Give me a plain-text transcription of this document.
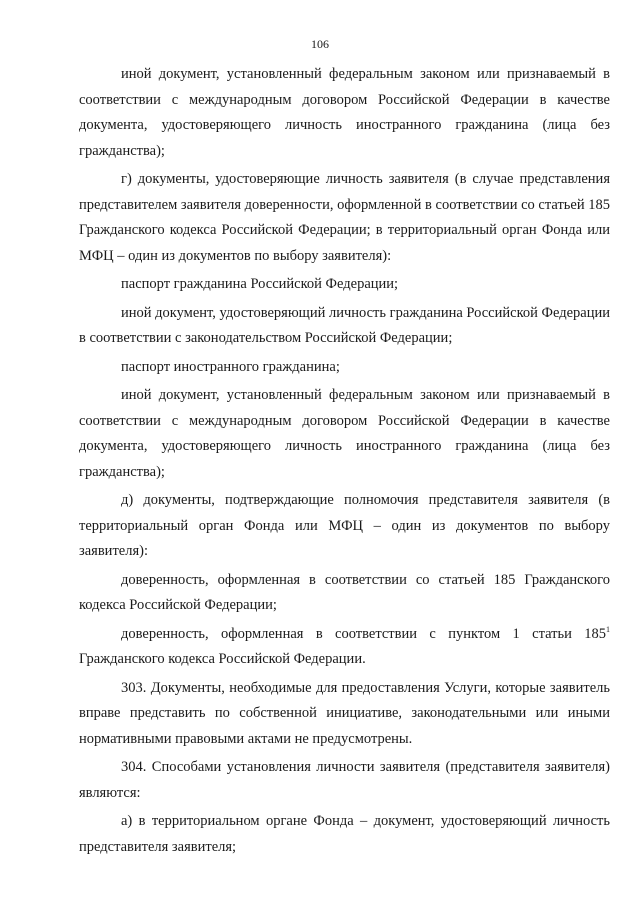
106

иной документ, установленный федеральным законом или признаваемый в соответствии с международным договором Российской Федерации в качестве документа, удостоверяющего личность иностранного гражданина (лица без гражданства);

г) документы, удостоверяющие личность заявителя (в случае представления представителем заявителя доверенности, оформленной в соответствии со статьей 185 Гражданского кодекса Российской Федерации; в территориальный орган Фонда или МФЦ – один из документов по выбору заявителя):

паспорт гражданина Российской Федерации;

иной документ, удостоверяющий личность гражданина Российской Федерации в соответствии с законодательством Российской Федерации;

паспорт иностранного гражданина;

иной документ, установленный федеральным законом или признаваемый в соответствии с международным договором Российской Федерации в качестве документа, удостоверяющего личность иностранного гражданина (лица без гражданства);

д) документы, подтверждающие полномочия представителя заявителя (в территориальный орган Фонда или МФЦ – один из документов по выбору заявителя):

доверенность, оформленная в соответствии со статьей 185 Гражданского кодекса Российской Федерации;

доверенность, оформленная в соответствии с пунктом 1 статьи $185^1$ Гражданского кодекса Российской Федерации.

303. Документы, необходимые для предоставления Услуги, которые заявитель вправе представить по собственной инициативе, законодательными или иными нормативными правовыми актами не предусмотрены.

304. Способами установления личности заявителя (представителя заявителя) являются:

а) в территориальном органе Фонда – документ, удостоверяющий личность представителя заявителя;
